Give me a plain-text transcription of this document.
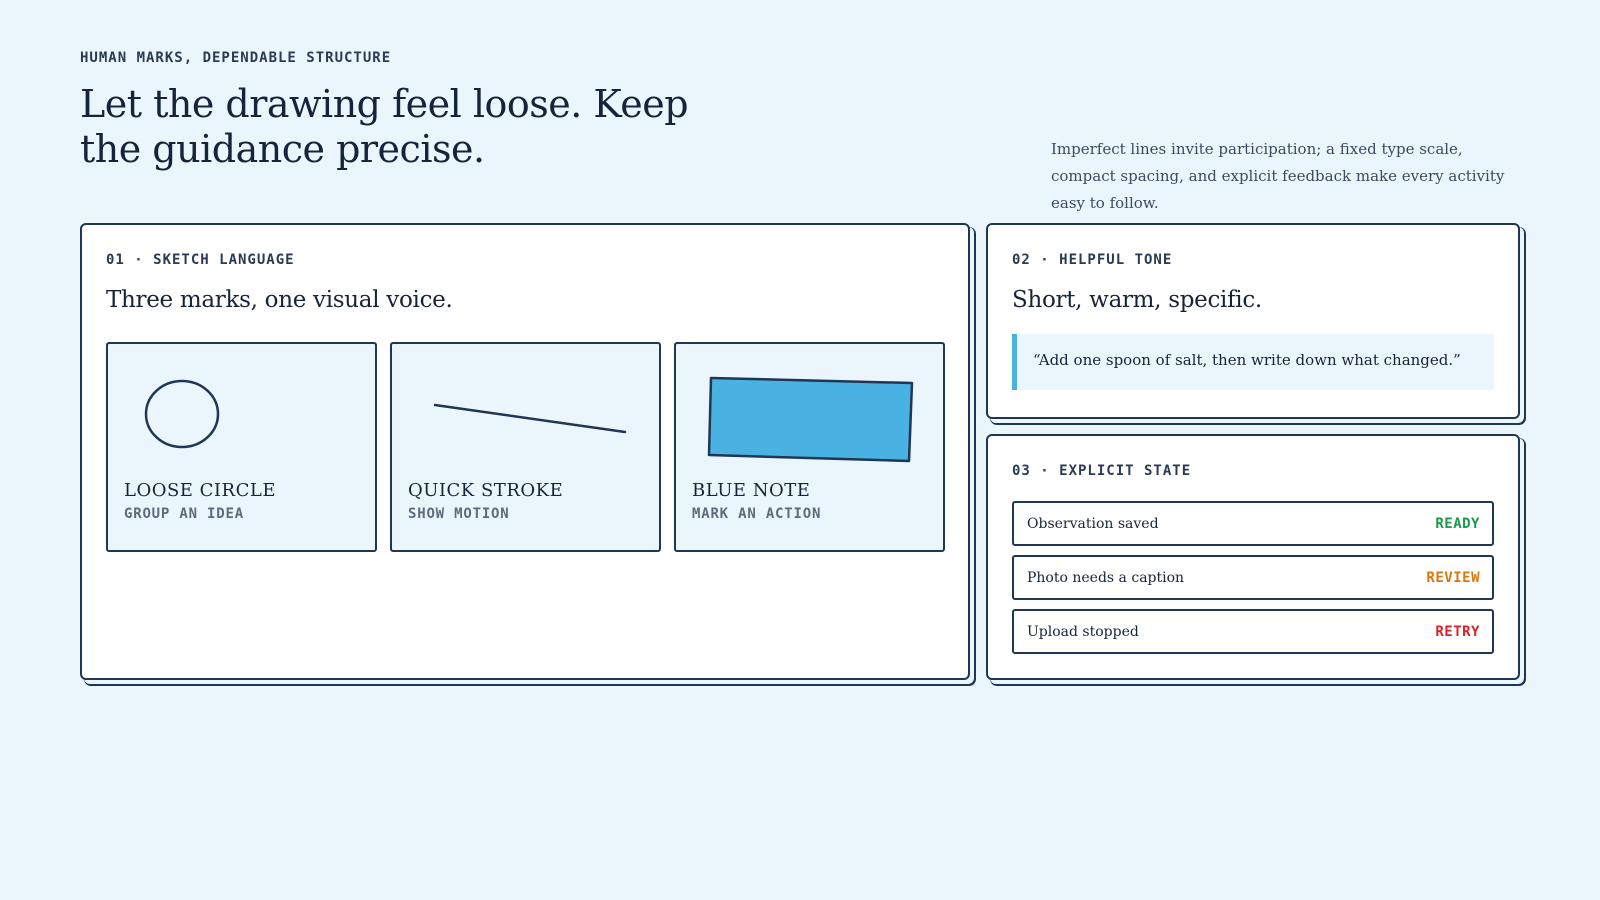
HUMAN MARKS, DEPENDABLE STRUCTURE
Let the drawing feel loose. Keep the guidance precise.	Imperfect lines invite participation; a fixed type scale, compact spacing, and explicit feedback make every activity easy to follow.

01 · SKETCH LANGUAGE
Three marks, one visual voice.
LOOSE CIRCLE
GROUP AN IDEA
QUICK STROKE
SHOW MOTION
BLUE NOTE
MARK AN ACTION
02 · HELPFUL TONE
Short, warm, specific.
“Add one spoon of salt, then write down what changed.”
03 · EXPLICIT STATE
Observation saved	READY
Photo needs a caption	REVIEW
Upload stopped	RETRY
